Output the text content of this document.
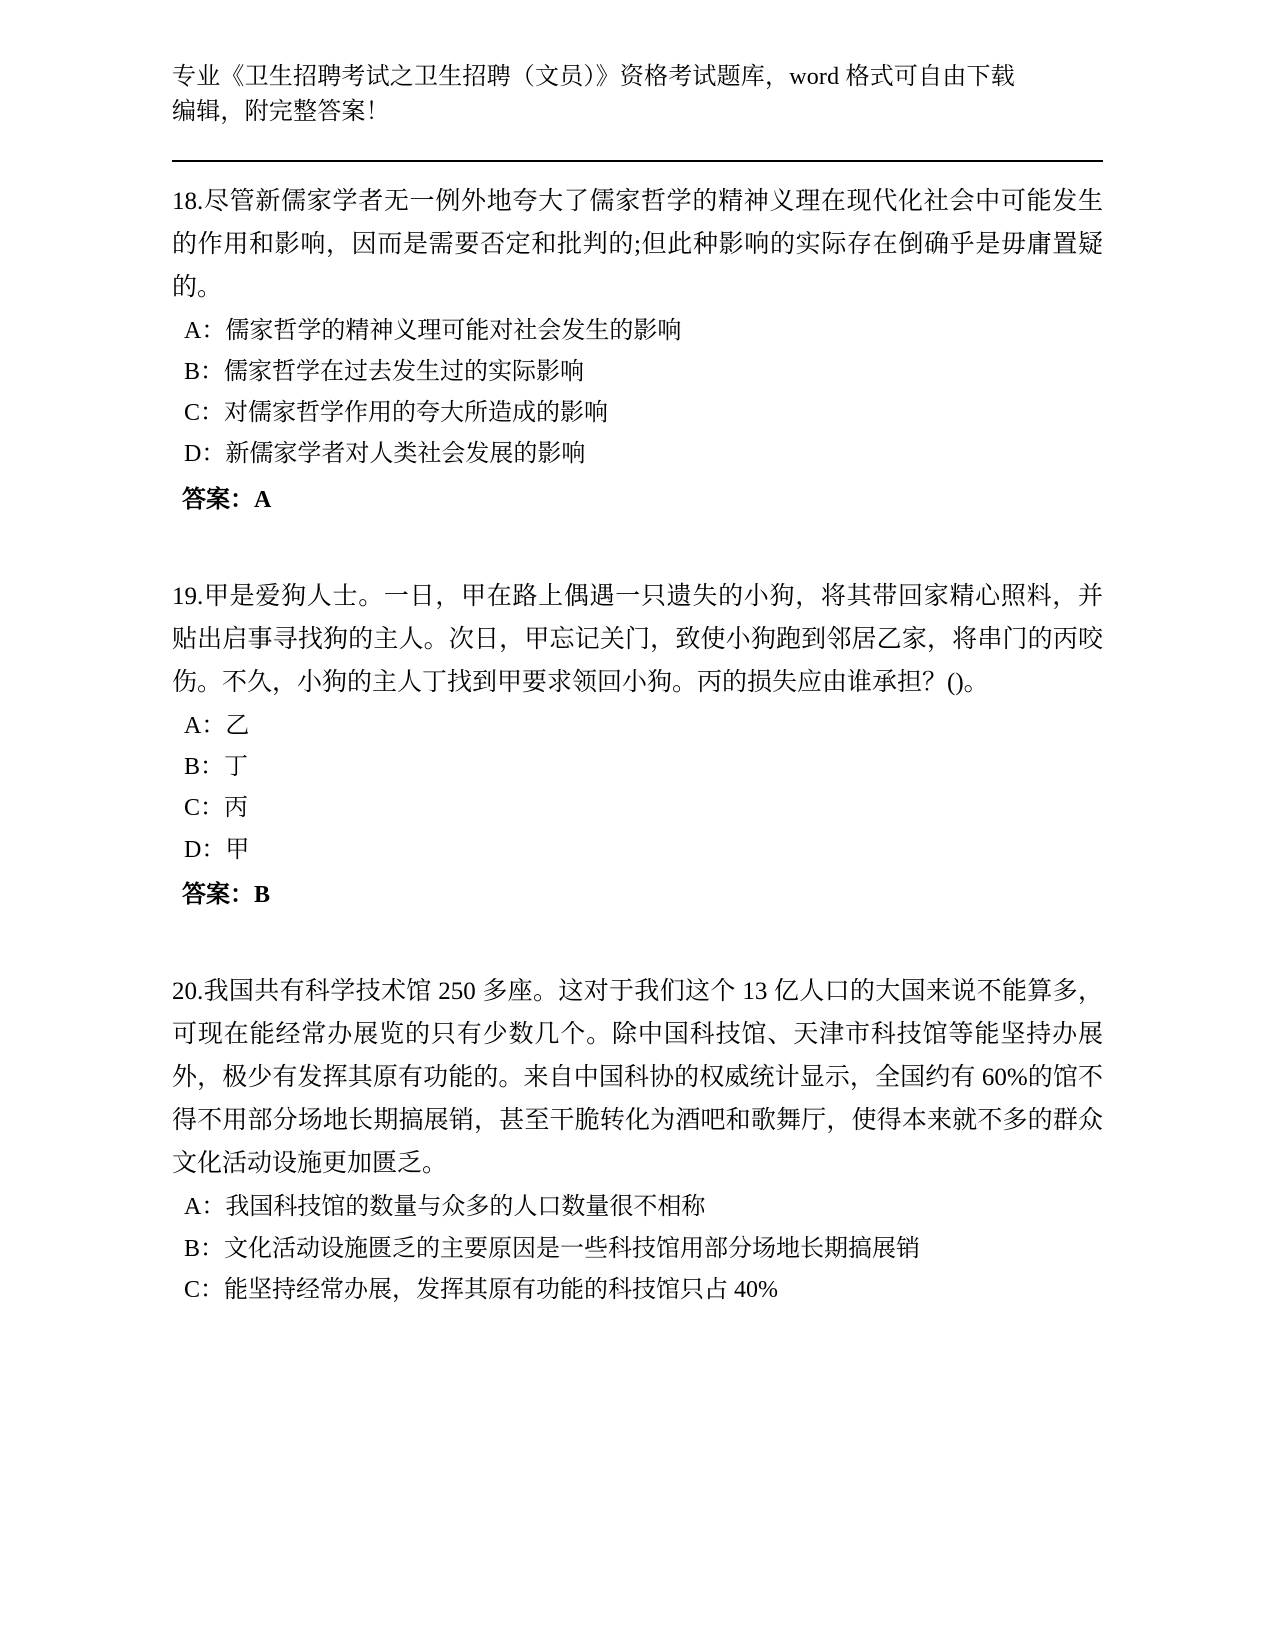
专业《卫生招聘考试之卫生招聘（文员）》资格考试题库，word 格式可自由下载
编辑，附完整答案！

18.尽管新儒家学者无一例外地夸大了儒家哲学的精神义理在现代化社会中可能发生的作用和影响，因而是需要否定和批判的;但此种影响的实际存在倒确乎是毋庸置疑的。

A：儒家哲学的精神义理可能对社会发生的影响

B：儒家哲学在过去发生过的实际影响

C：对儒家哲学作用的夸大所造成的影响

D：新儒家学者对人类社会发展的影响

答案：A

19.甲是爱狗人士。一日，甲在路上偶遇一只遗失的小狗，将其带回家精心照料，并贴出启事寻找狗的主人。次日，甲忘记关门，致使小狗跑到邻居乙家，将串门的丙咬伤。不久，小狗的主人丁找到甲要求领回小狗。丙的损失应由谁承担？()。

A：乙

B：丁

C：丙

D：甲

答案：B

20.我国共有科学技术馆 250 多座。这对于我们这个 13 亿人口的大国来说不能算多，可现在能经常办展览的只有少数几个。除中国科技馆、天津市科技馆等能坚持办展外，极少有发挥其原有功能的。来自中国科协的权威统计显示，全国约有 60%的馆不得不用部分场地长期搞展销，甚至干脆转化为酒吧和歌舞厅，使得本来就不多的群众文化活动设施更加匮乏。

A：我国科技馆的数量与众多的人口数量很不相称

B：文化活动设施匮乏的主要原因是一些科技馆用部分场地长期搞展销

C：能坚持经常办展，发挥其原有功能的科技馆只占 40%
